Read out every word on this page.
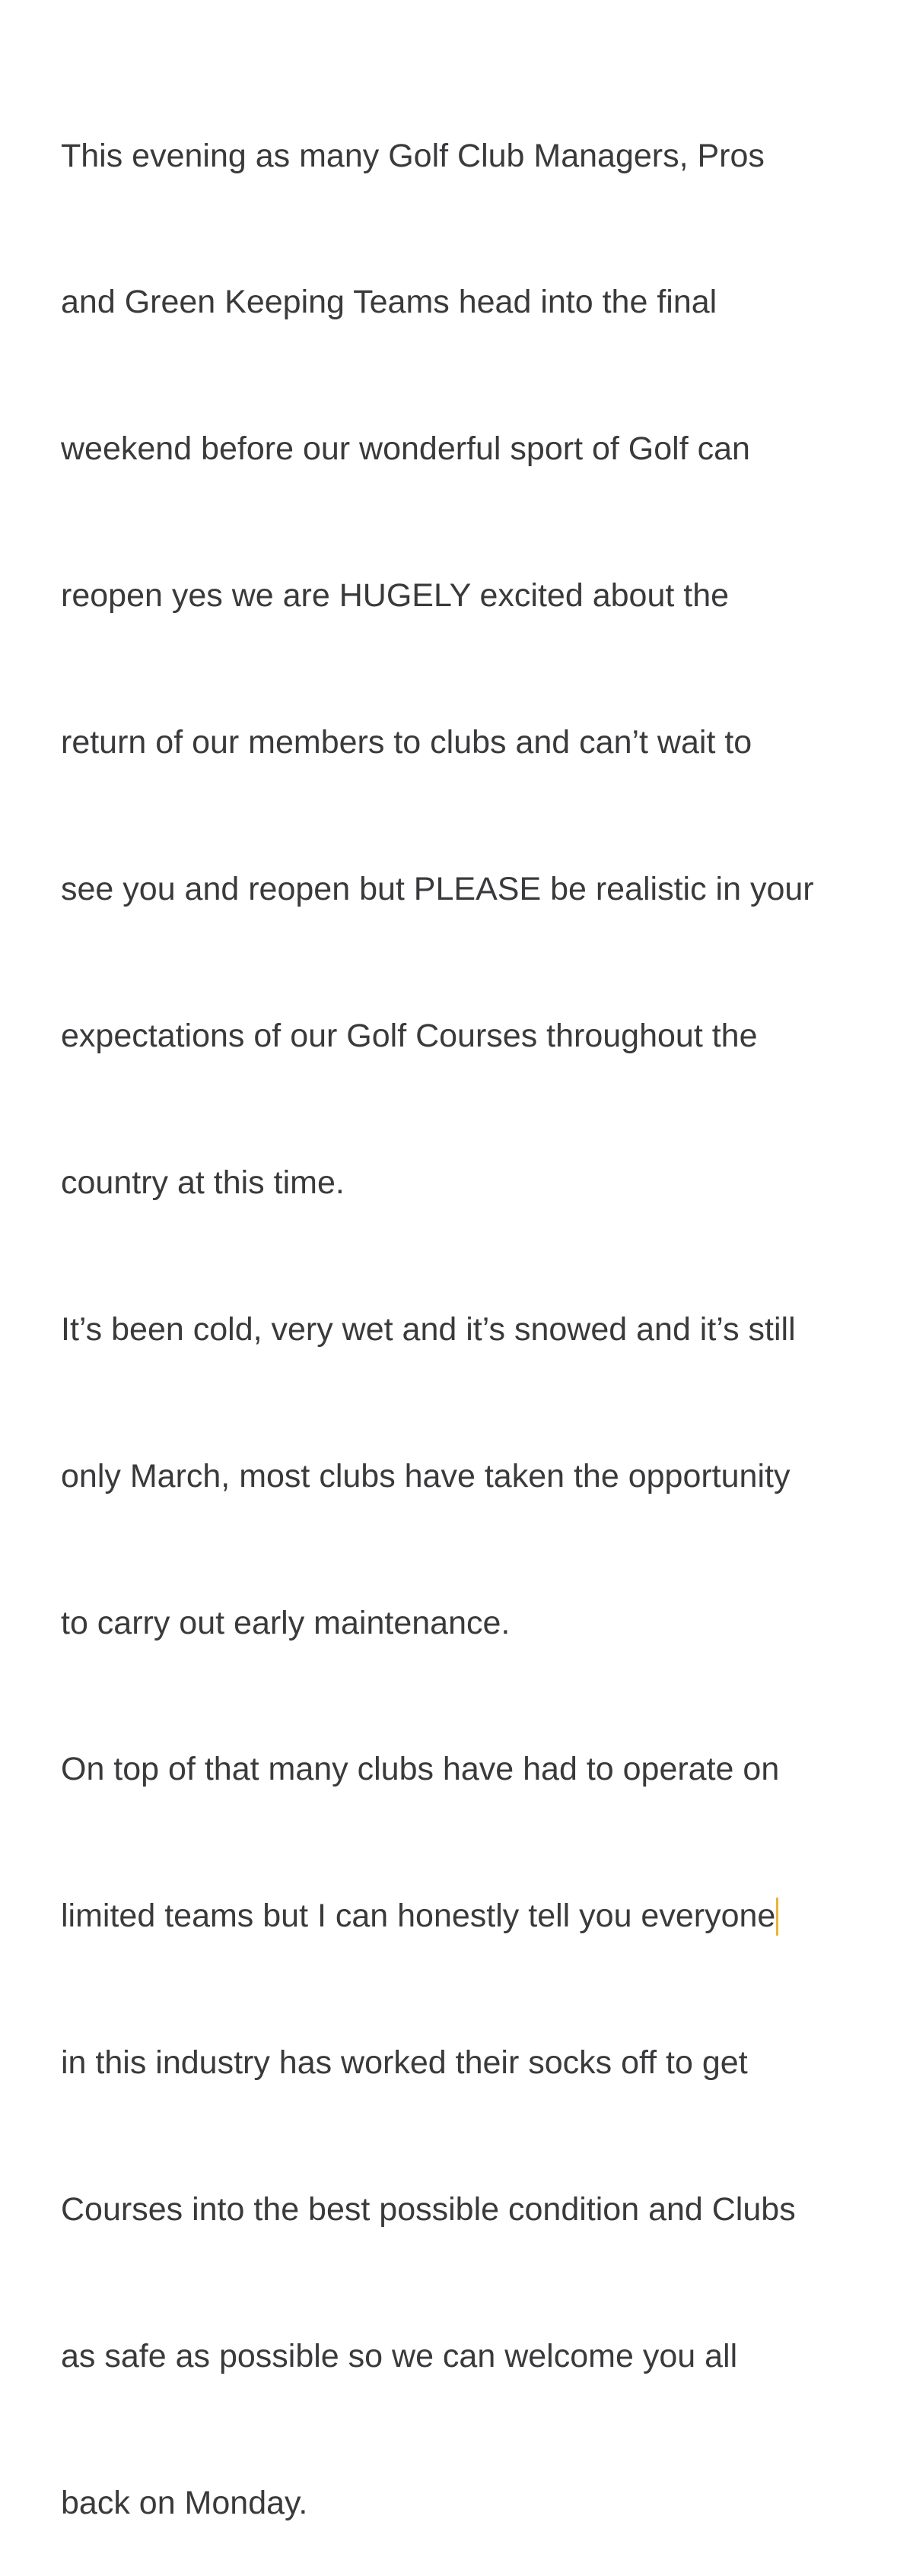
This evening as many Golf Club Managers, Pros

and Green Keeping Teams head into the final

weekend before our wonderful sport of Golf can

reopen yes we are HUGELY excited about the

return of our members to clubs and can’t wait to

see you and reopen but PLEASE be realistic in your

expectations of our Golf Courses throughout the

country at this time.

It’s been cold, very wet and it’s snowed and it’s still

only March, most clubs have taken the opportunity

to carry out early maintenance.

On top of that many clubs have had to operate on

limited teams but I can honestly tell you everyone

in this industry has worked their socks off to get

Courses into the best possible condition and Clubs

as safe as possible so we can welcome you all

back on Monday.
